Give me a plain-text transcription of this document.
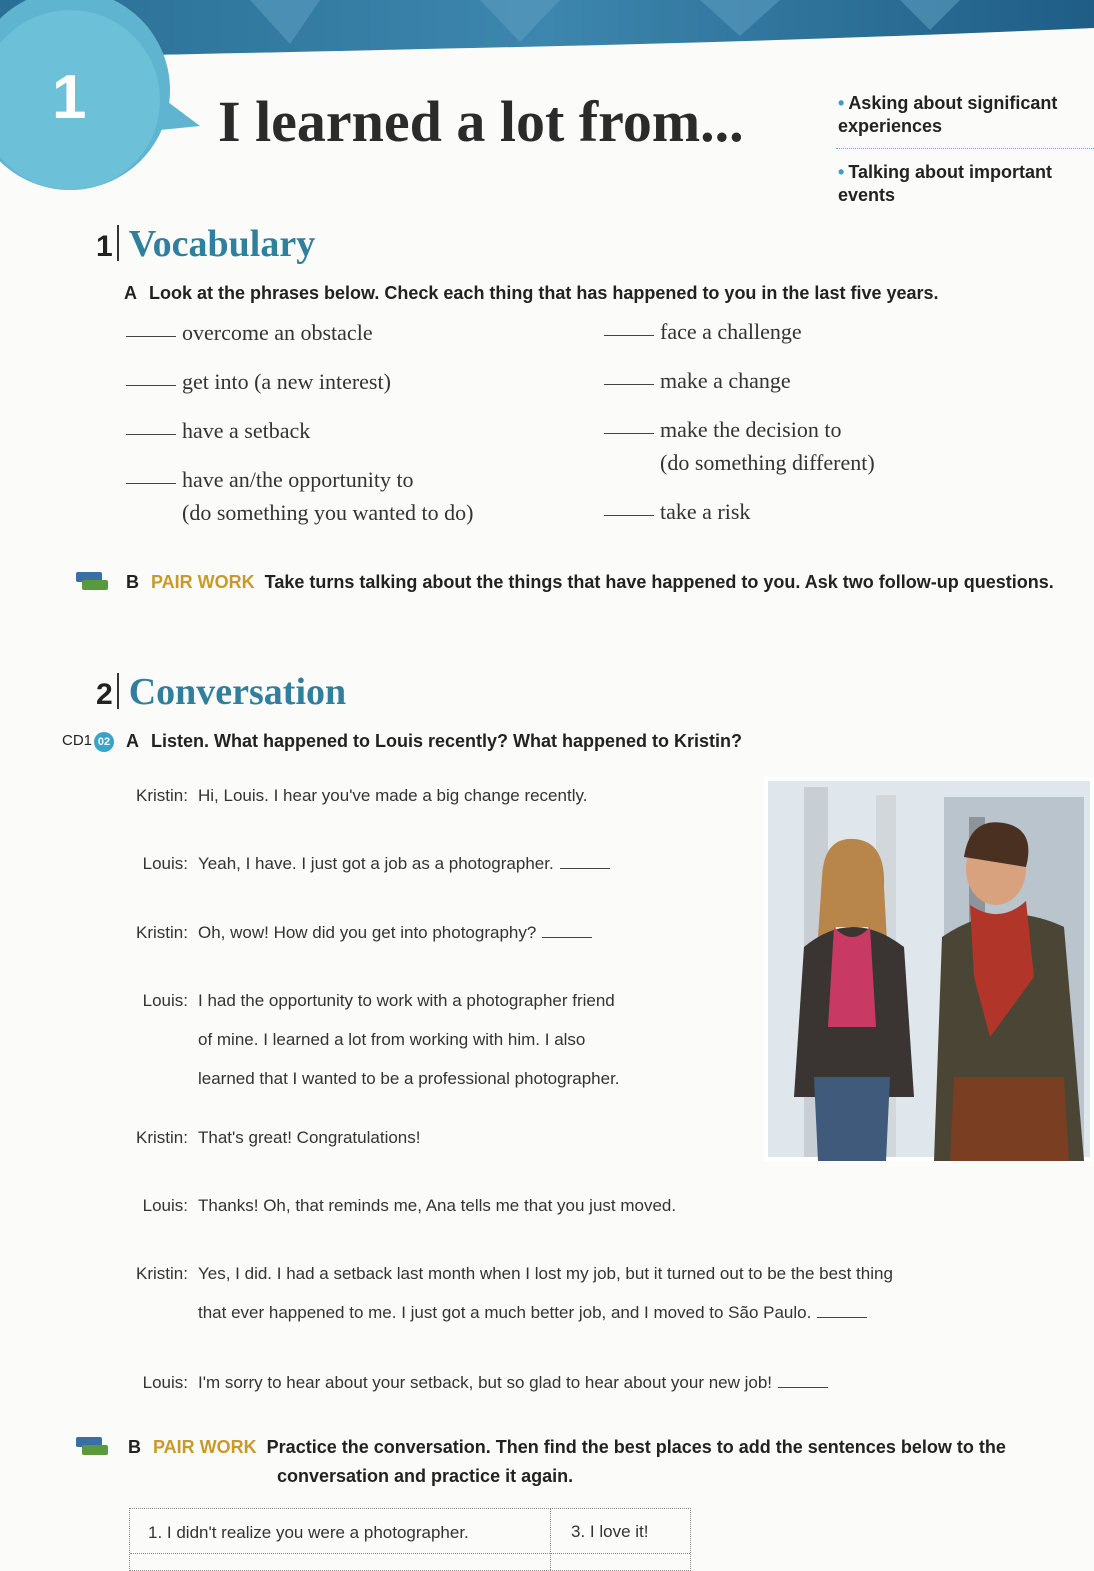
1 I learned a lot from...	• Asking about significant experiences
• Talking about important events
1 Vocabulary
A Look at the phrases below. Check each thing that has happened to you in the last five years.
overcome an obstacle
get into (a new interest)
have a setback
have an/the opportunity to
(do something you wanted to do)
face a challenge
make a change
make the decision to
(do something different)
take a risk
B PAIR WORK Take turns talking about the things that have happened to you. Ask two follow-up questions.
2 Conversation
CD1 02 A Listen. What happened to Louis recently? What happened to Kristin?
Kristin: Hi, Louis. I hear you've made a big change recently.
Louis: Yeah, I have. I just got a job as a photographer.
Kristin: Oh, wow! How did you get into photography?
Louis: I had the opportunity to work with a photographer friend
of mine. I learned a lot from working with him. I also
learned that I wanted to be a professional photographer.
Kristin: That's great! Congratulations!
Louis: Thanks! Oh, that reminds me, Ana tells me that you just moved.
Kristin: Yes, I did. I had a setback last month when I lost my job, but it turned out to be the best thing
that ever happened to me. I just got a much better job, and I moved to São Paulo.
Louis: I'm sorry to hear about your setback, but so glad to hear about your new job!
B PAIR WORK Practice the conversation. Then find the best places to add the sentences below to the
conversation and practice it again.
1. I didn't realize you were a photographer.	3. I love it!
